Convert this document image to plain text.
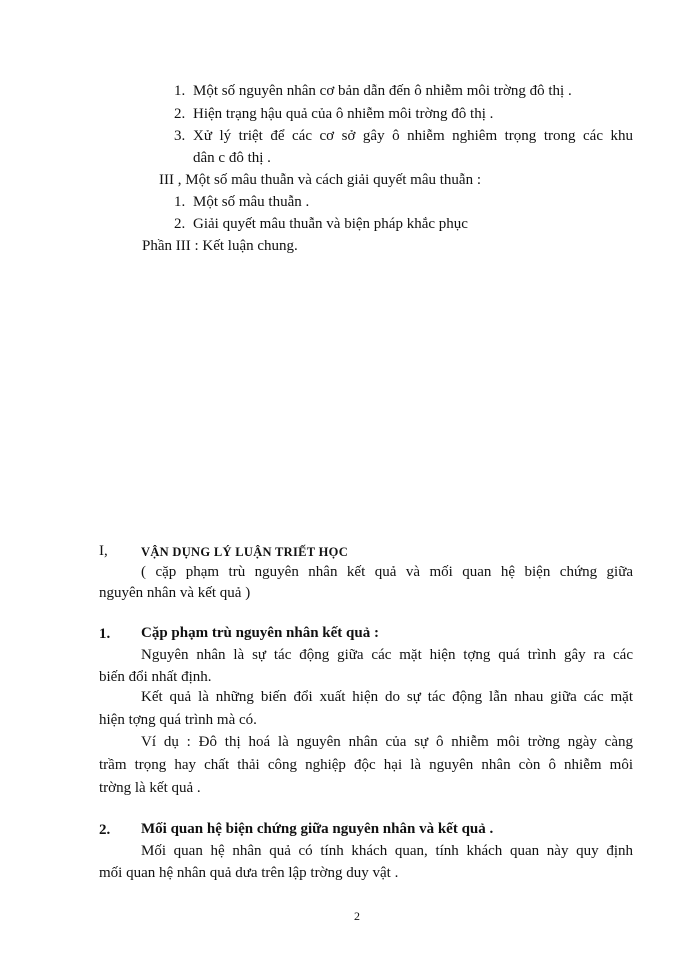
1. Một số nguyên nhân cơ bản dẫn đến ô nhiễm môi trờng đô thị .
2. Hiện trạng hậu quả của ô nhiễm môi trờng đô thị .
3. Xử lý triệt để các cơ sở gây ô nhiễm nghiêm trọng trong các khu
dân c đô thị .
III , Một số mâu thuẫn và cách giải quyết mâu thuẫn :
1. Một số mâu thuẫn .
2. Giải quyết mâu thuẫn và biện pháp khắc phục
Phần III : Kết luận chung.
I,	VẬN DỤNG LÝ LUẬN TRIẾT HỌC
( cặp phạm trù nguyên nhân kết quả và mối quan hệ biện chứng giữa
nguyên nhân và kết quả )
1. Cặp phạm trù nguyên nhân kết quả :
Nguyên nhân là sự tác động giữa các mặt hiện tợng quá trình gây ra các
biến đổi nhất định.
Kết quả là những biến đổi xuất hiện do sự tác động lẫn nhau giữa các mặt
hiện tợng quá trình mà có.
Ví dụ : Đô thị hoá là nguyên nhân của sự ô nhiễm môi trờng ngày càng
trầm trọng hay chất thải công nghiệp độc hại là nguyên nhân còn ô nhiễm môi
trờng là kết quả .
2. Mối quan hệ biện chứng giữa nguyên nhân và kết quả .
Mối quan hệ nhân quả có tính khách quan, tính khách quan này quy định
mối quan hệ nhân quả dưa trên lập trờng duy vật .
2
